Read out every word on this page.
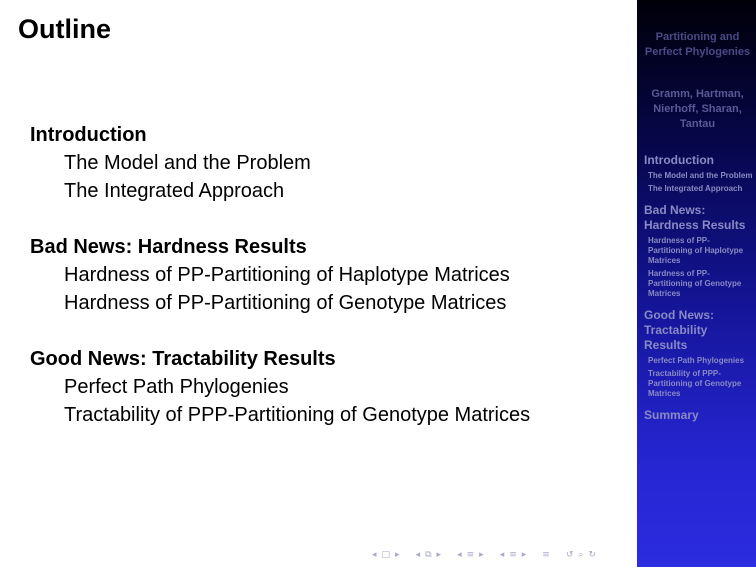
Outline
Introduction
The Model and the Problem
The Integrated Approach
Bad News: Hardness Results
Hardness of PP-Partitioning of Haplotype Matrices
Hardness of PP-Partitioning of Genotype Matrices
Good News: Tractability Results
Perfect Path Phylogenies
Tractability of PPP-Partitioning of Genotype Matrices
◂ □ ▸ ◂ ⧉ ▸ ◂ ≡ ▸ ◂ ≡ ▸ ≡ ↺ ⌕ ↻
Partitioning and Perfect Phylogenies
Gramm, Hartman, Nierhoff, Sharan, Tantau
Introduction
The Model and the Problem
The Integrated Approach
Bad News: Hardness Results
Hardness of PP-Partitioning of Haplotype Matrices
Hardness of PP-Partitioning of Genotype Matrices
Good News: Tractability Results
Perfect Path Phylogenies
Tractability of PPP-Partitioning of Genotype Matrices
Summary
